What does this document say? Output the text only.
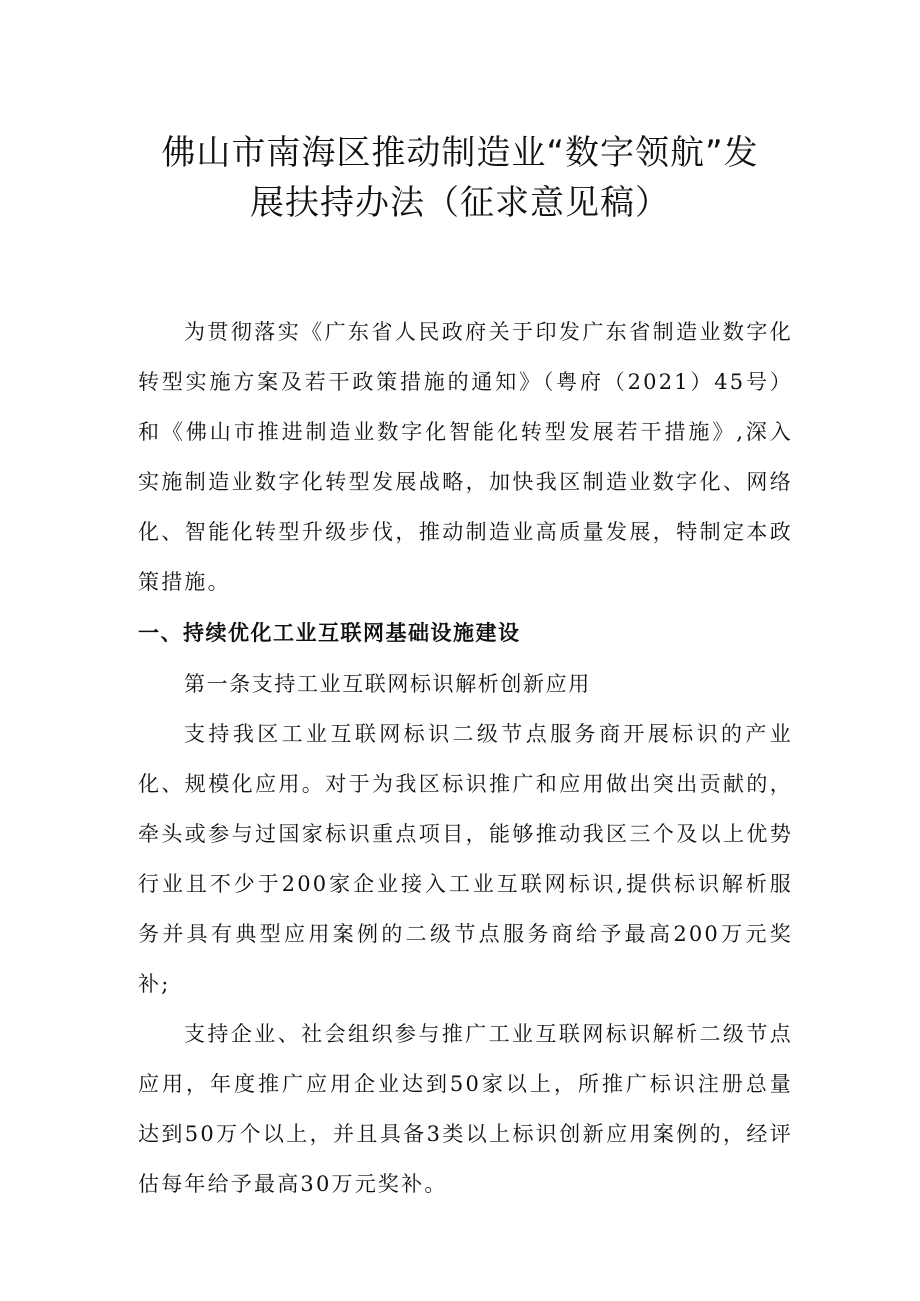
佛山市南海区推动制造业“数字领航”发
展扶持办法（征求意见稿）

为贯彻落实《广东省人民政府关于印发广东省制造业数字化转型实施方案及若干政策措施的通知》（粤府（2021）45号）和《佛山市推进制造业数字化智能化转型发展若干措施》,深入实施制造业数字化转型发展战略，加快我区制造业数字化、网络化、智能化转型升级步伐，推动制造业高质量发展，特制定本政策措施。

一、持续优化工业互联网基础设施建设

第一条支持工业互联网标识解析创新应用

支持我区工业互联网标识二级节点服务商开展标识的产业化、规模化应用。对于为我区标识推广和应用做出突出贡献的，牵头或参与过国家标识重点项目，能够推动我区三个及以上优势行业且不少于200家企业接入工业互联网标识,提供标识解析服务并具有典型应用案例的二级节点服务商给予最高200万元奖补;

支持企业、社会组织参与推广工业互联网标识解析二级节点应用，年度推广应用企业达到50家以上，所推广标识注册总量达到50万个以上，并且具备3类以上标识创新应用案例的，经评估每年给予最高30万元奖补。
